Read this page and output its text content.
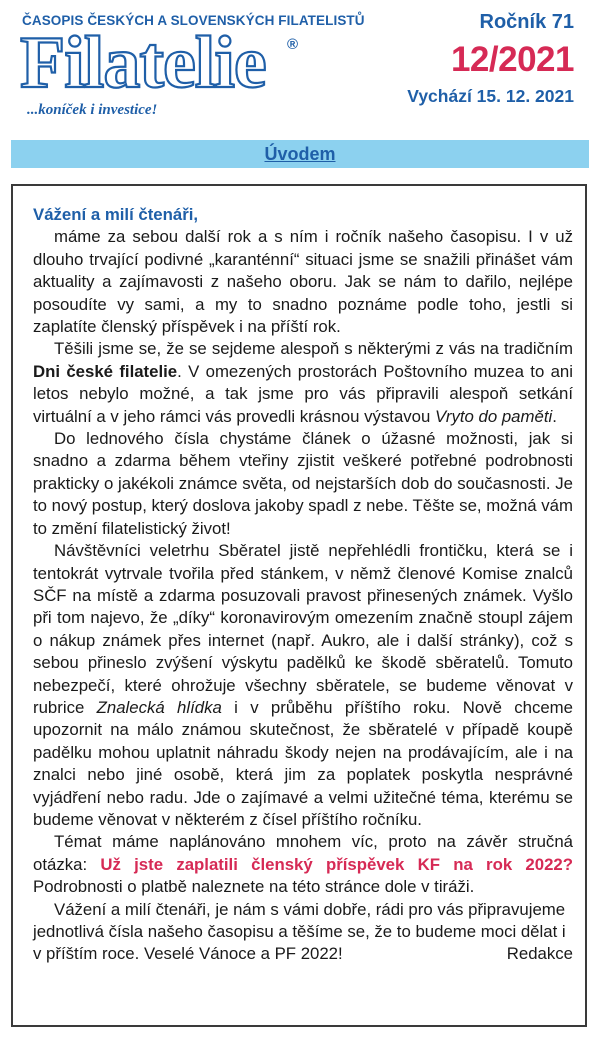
ČASOPIS ČESKÝCH A SLOVENSKÝCH FILATELISTŮ
Filatelie ®
...koníček i investice!
Ročník 71
12/2021
Vychází 15. 12. 2021
Úvodem

Vážení a milí čtenáři,

máme za sebou další rok a s ním i ročník našeho časopisu. I v už dlouho trvající podivné „karanténní“ situaci jsme se snažili přinášet vám aktuality a zajímavosti z našeho oboru. Jak se nám to dařilo, nejlépe posoudíte vy sami, a my to snadno poznáme podle toho, jestli si zaplatíte členský příspěvek i na příští rok.

Těšili jsme se, že se sejdeme alespoň s některými z vás na tradičním Dni české filatelie. V omezených prostorách Poštovního muzea to ani letos nebylo možné, a tak jsme pro vás připravili alespoň setkání virtuální a v jeho rámci vás provedli krásnou výstavou Vryto do paměti.

Do lednového čísla chystáme článek o úžasné možnosti, jak si snadno a zdarma během vteřiny zjistit veškeré potřebné podrobnosti prakticky o jakékoli známce světa, od nejstarších dob do současnosti. Je to nový postup, který doslova jakoby spadl z nebe. Těšte se, možná vám to změní filatelistický život!

Návštěvníci veletrhu Sběratel jistě nepřehlédli frontičku, která se i tentokrát vytrvale tvořila před stánkem, v němž členové Komise znalců SČF na místě a zdarma posuzovali pravost přinesených známek. Vyšlo při tom najevo, že „díky“ koronavirovým omezením značně stoupl zájem o nákup známek přes internet (např. Aukro, ale i další stránky), což s sebou přineslo zvýšení výskytu padělků ke škodě sběratelů. Tomuto nebezpečí, které ohrožuje všechny sběratele, se budeme věnovat v rubrice Znalecká hlídka i v průběhu příštího roku. Nově chceme upozornit na málo známou skutečnost, že sběratelé v případě koupě padělku mohou uplatnit náhradu škody nejen na prodávajícím, ale i na znalci nebo jiné osobě, která jim za poplatek poskytla nesprávné vyjádření nebo radu. Jde o zajímavé a velmi užitečné téma, kterému se budeme věnovat v některém z čísel příštího ročníku.

Témat máme naplánováno mnohem víc, proto na závěr stručná otázka: Už jste zaplatili členský příspěvek KF na rok 2022? Podrobnosti o platbě naleznete na této stránce dole v tiráži.

Vážení a milí čtenáři, je nám s vámi dobře, rádi pro vás připravujeme jednotlivá čísla našeho časopisu a těšíme se, že to budeme moci dělat i v příštím roce. Veselé Vánoce a PF 2022!	Redakce
